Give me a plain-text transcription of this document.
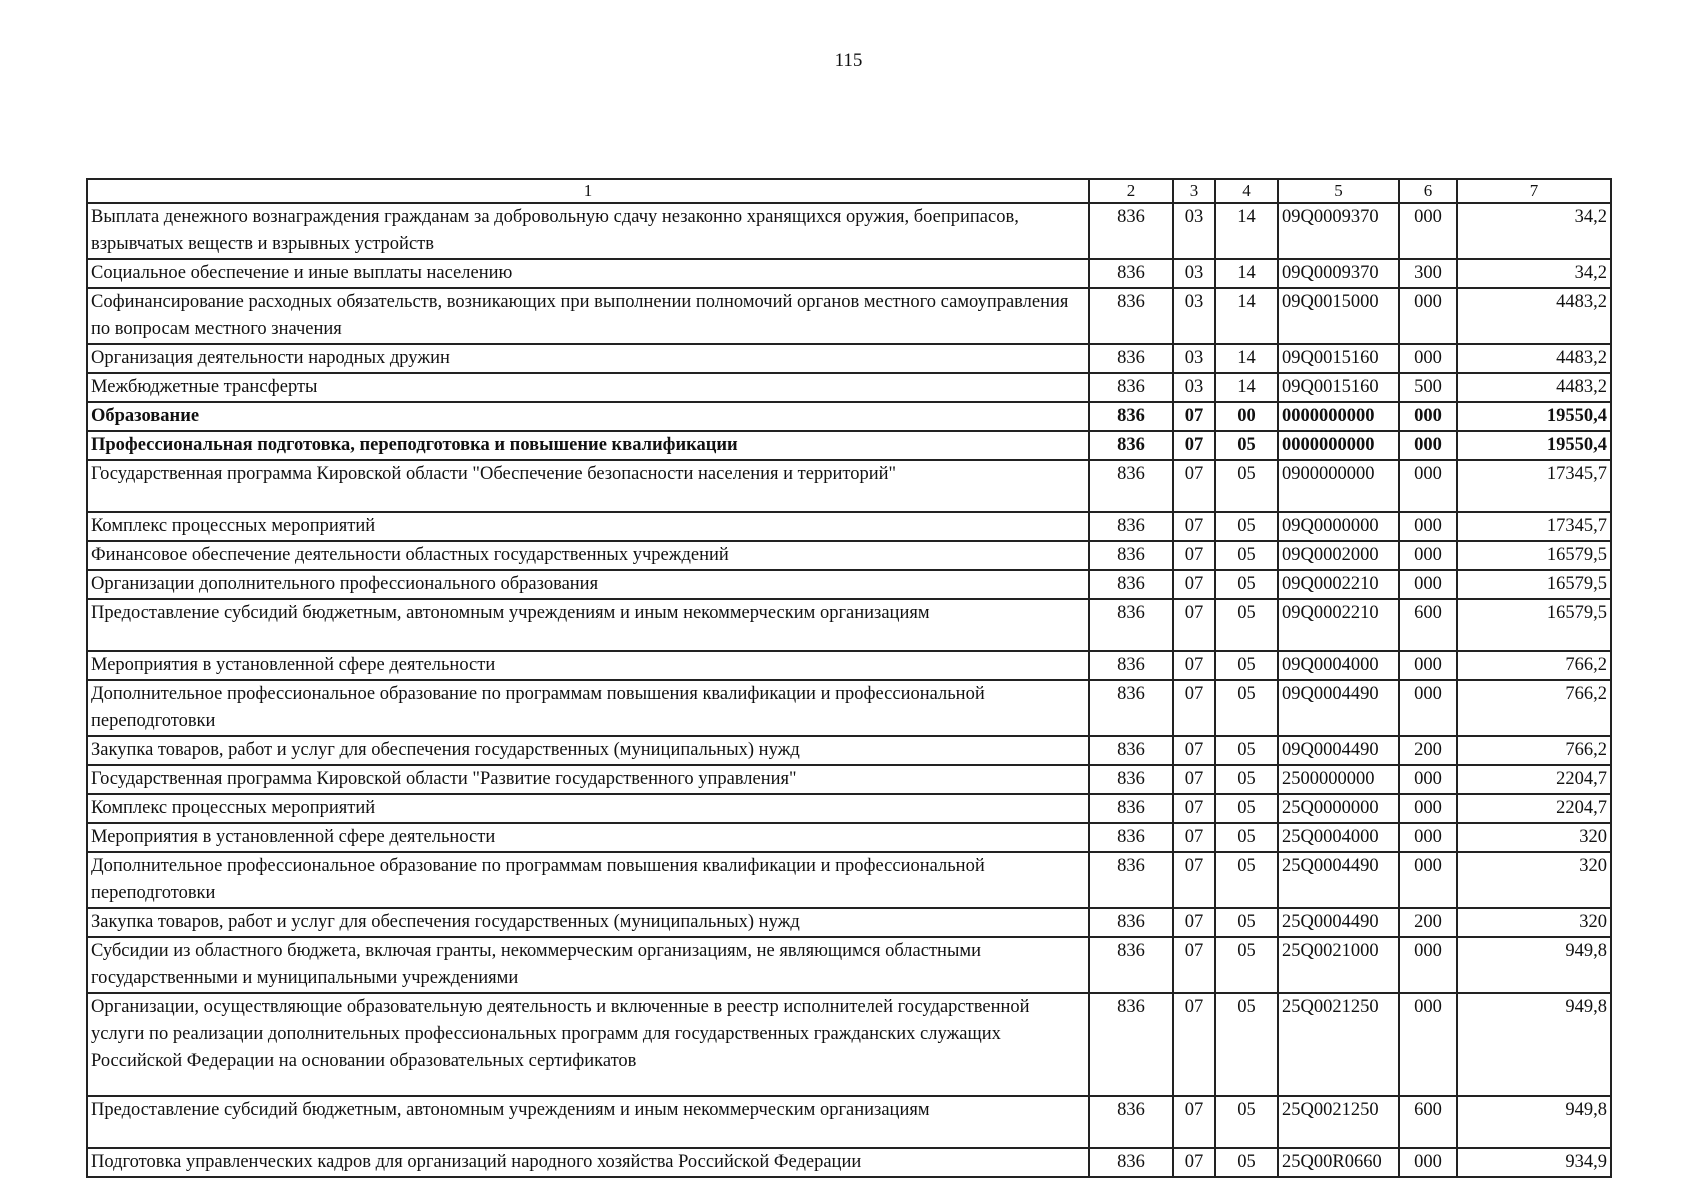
115
1	2	3	4	5	6	7
Выплата денежного вознаграждения гражданам за добровольную сдачу незаконно хранящихся оружия, боеприпасов, взрывчатых веществ и взрывных устройств	836	03	14	09Q0009370	000	34,2
Социальное обеспечение и иные выплаты населению	836	03	14	09Q0009370	300	34,2
Софинансирование расходных обязательств, возникающих при выполнении полномочий органов местного самоуправления по вопросам местного значения	836	03	14	09Q0015000	000	4483,2
Организация деятельности народных дружин	836	03	14	09Q0015160	000	4483,2
Межбюджетные трансферты	836	03	14	09Q0015160	500	4483,2
Образование	836	07	00	0000000000	000	19550,4
Профессиональная подготовка, переподготовка и повышение квалификации	836	07	05	0000000000	000	19550,4
Государственная программа Кировской области "Обеспечение безопасности населения и территорий"	836	07	05	0900000000	000	17345,7
Комплекс процессных мероприятий	836	07	05	09Q0000000	000	17345,7
Финансовое обеспечение деятельности областных государственных учреждений	836	07	05	09Q0002000	000	16579,5
Организации дополнительного профессионального образования	836	07	05	09Q0002210	000	16579,5
Предоставление субсидий бюджетным, автономным учреждениям и иным некоммерческим организациям	836	07	05	09Q0002210	600	16579,5
Мероприятия в установленной сфере деятельности	836	07	05	09Q0004000	000	766,2
Дополнительное профессиональное образование по программам повышения квалификации и профессиональной переподготовки	836	07	05	09Q0004490	000	766,2
Закупка товаров, работ и услуг для обеспечения государственных (муниципальных) нужд	836	07	05	09Q0004490	200	766,2
Государственная программа Кировской области "Развитие государственного управления"	836	07	05	2500000000	000	2204,7
Комплекс процессных мероприятий	836	07	05	25Q0000000	000	2204,7
Мероприятия в установленной сфере деятельности	836	07	05	25Q0004000	000	320
Дополнительное профессиональное образование по программам повышения квалификации и профессиональной переподготовки	836	07	05	25Q0004490	000	320
Закупка товаров, работ и услуг для обеспечения государственных (муниципальных) нужд	836	07	05	25Q0004490	200	320
Субсидии из областного бюджета, включая гранты, некоммерческим организациям, не являющимся областными государственными и муниципальными учреждениями	836	07	05	25Q0021000	000	949,8
Организации, осуществляющие образовательную деятельность и включенные в реестр исполнителей государственной услуги по реализации дополнительных профессиональных программ для государственных гражданских служащих Российской Федерации на основании образовательных сертификатов	836	07	05	25Q0021250	000	949,8
Предоставление субсидий бюджетным, автономным учреждениям и иным некоммерческим организациям	836	07	05	25Q0021250	600	949,8
Подготовка управленческих кадров для организаций народного хозяйства Российской Федерации	836	07	05	25Q00R0660	000	934,9
